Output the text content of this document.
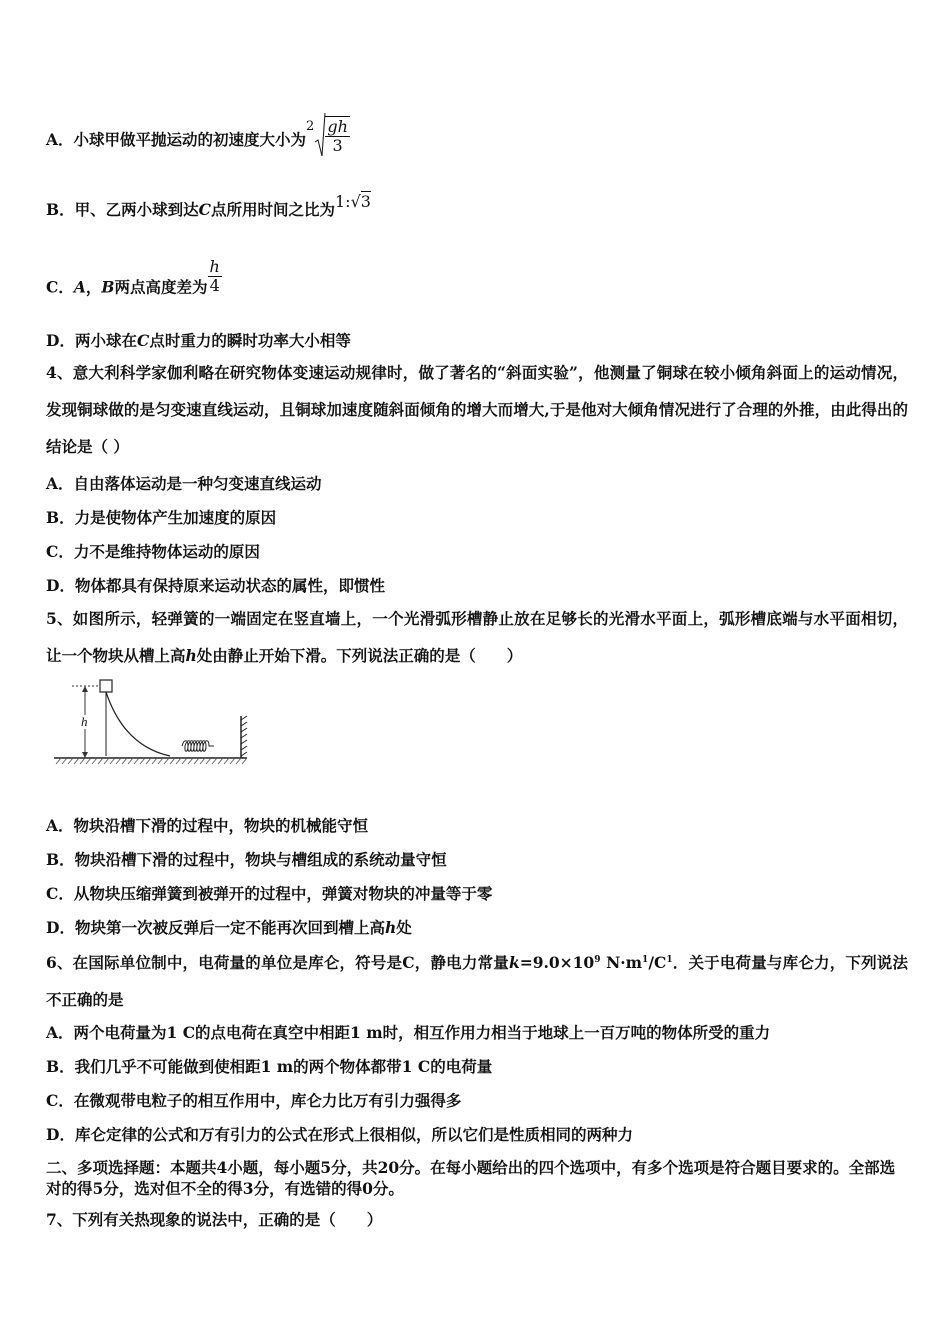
A．小球甲做平抛运动的初速度大小为$^2 \frac{gh}{3}$
B．甲、乙两小球到达C点所用时间之比为1:√3
C．A，B两点高度差为 $\frac{h}{4}$
D．两小球在C点时重力的瞬时功率大小相等
4、意大利科学家伽利略在研究物体变速运动规律时，做了著名的“斜面实验”，他测量了铜球在较小倾角斜面上的运动情况，发现铜球做的是匀变速直线运动，且铜球加速度随斜面倾角的增大而增大,于是他对大倾角情况进行了合理的外推，由此得出的结论是（ ）
A．自由落体运动是一种匀变速直线运动
B．力是使物体产生加速度的原因
C．力不是维持物体运动的原因
D．物体都具有保持原来运动状态的属性，即惯性
5、如图所示，轻弹簧的一端固定在竖直墙上，一个光滑弧形槽静止放在足够长的光滑水平面上，弧形槽底端与水平面相切，让一个物块从槽上高h处由静止开始下滑。下列说法正确的是（　　）
h
A．物块沿槽下滑的过程中，物块的机械能守恒
B．物块沿槽下滑的过程中，物块与槽组成的系统动量守恒
C．从物块压缩弹簧到被弹开的过程中，弹簧对物块的冲量等于零
D．物块第一次被反弹后一定不能再次回到槽上高h处
6、在国际单位制中，电荷量的单位是库仑，符号是C，静电力常量$k=9.0\times 10^9$ $N\cdot m^1/C^1$．关于电荷量与库仑力，下列说法不正确的是
A．两个电荷量为1 C的点电荷在真空中相距1 m时，相互作用力相当于地球上一百万吨的物体所受的重力
B．我们几乎不可能做到使相距1 m的两个物体都带1 C的电荷量
C．在微观带电粒子的相互作用中，库仑力比万有引力强得多
D．库仑定律的公式和万有引力的公式在形式上很相似，所以它们是性质相同的两种力
二、多项选择题：本题共4小题，每小题5分，共20分。在每小题给出的四个选项中，有多个选项是符合题目要求的。全部选对的得5分，选对但不全的得3分，有选错的得0分。
7、下列有关热现象的说法中，正确的是（　　）
